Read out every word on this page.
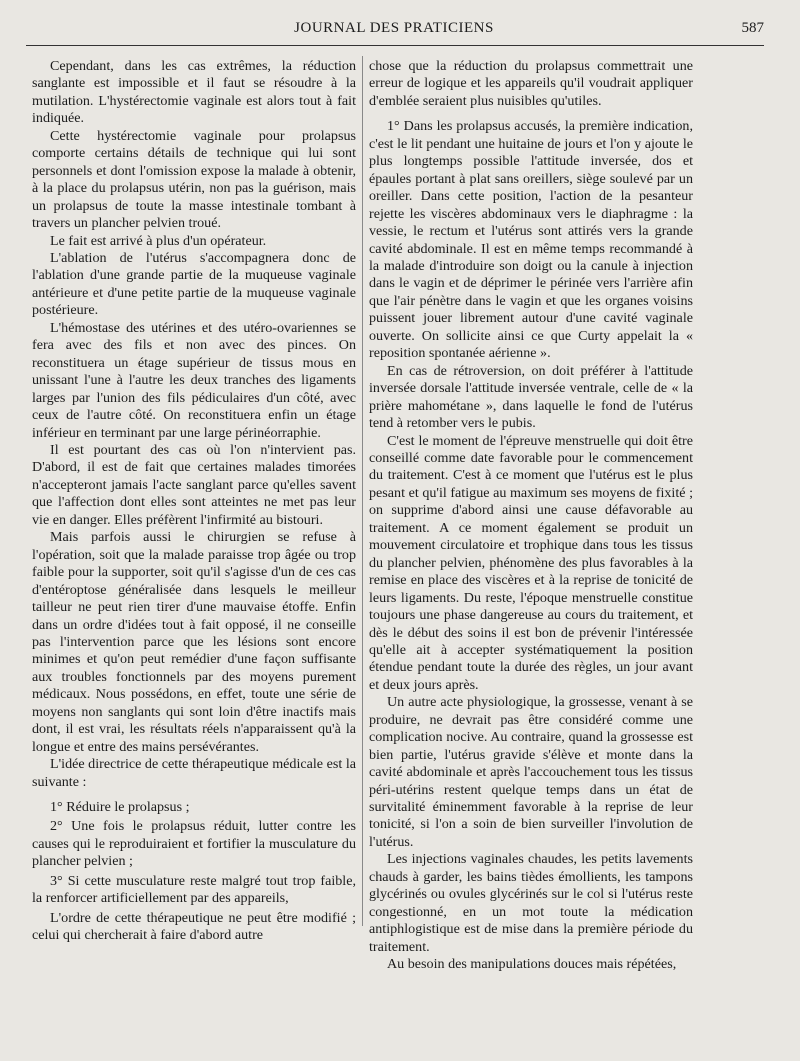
JOURNAL DES PRATICIENS	587

Cependant, dans les cas extrêmes, la réduction sanglante est impossible et il faut se résoudre à la mutilation. L'hystérectomie vaginale est alors tout à fait indiquée.

Cette hystérectomie vaginale pour prolapsus comporte certains détails de technique qui lui sont personnels et dont l'omission expose la malade à obtenir, à la place du prolapsus utérin, non pas la guérison, mais un prolapsus de toute la masse intestinale tombant à travers un plancher pelvien troué.

Le fait est arrivé à plus d'un opérateur.

L'ablation de l'utérus s'accompagnera donc de l'ablation d'une grande partie de la muqueuse vaginale antérieure et d'une petite partie de la muqueuse vaginale postérieure.

L'hémostase des utérines et des utéro-ovariennes se fera avec des fils et non avec des pinces. On reconstituera un étage supérieur de tissus mous en unissant l'une à l'autre les deux tranches des ligaments larges par l'union des fils pédiculaires d'un côté, avec ceux de l'autre côté. On reconstituera enfin un étage inférieur en terminant par une large périnéorraphie.

Il est pourtant des cas où l'on n'intervient pas. D'abord, il est de fait que certaines malades timorées n'accepteront jamais l'acte sanglant parce qu'elles savent que l'affection dont elles sont atteintes ne met pas leur vie en danger. Elles préfèrent l'infirmité au bistouri.

Mais parfois aussi le chirurgien se refuse à l'opération, soit que la malade paraisse trop âgée ou trop faible pour la supporter, soit qu'il s'agisse d'un de ces cas d'entéroptose généralisée dans lesquels le meilleur tailleur ne peut rien tirer d'une mauvaise étoffe. Enfin dans un ordre d'idées tout à fait opposé, il ne conseille pas l'intervention parce que les lésions sont encore minimes et qu'on peut remédier d'une façon suffisante aux troubles fonctionnels par des moyens purement médicaux. Nous possédons, en effet, toute une série de moyens non sanglants qui sont loin d'être inactifs mais dont, il est vrai, les résultats réels n'apparaissent qu'à la longue et entre des mains persévérantes.

L'idée directrice de cette thérapeutique médicale est la suivante :

1° Réduire le prolapsus ;

2° Une fois le prolapsus réduit, lutter contre les causes qui le reproduiraient et fortifier la musculature du plancher pelvien ;

3° Si cette musculature reste malgré tout trop faible, la renforcer artificiellement par des appareils,

L'ordre de cette thérapeutique ne peut être modifié ; celui qui chercherait à faire d'abord autre

chose que la réduction du prolapsus commettrait une erreur de logique et les appareils qu'il voudrait appliquer d'emblée seraient plus nuisibles qu'utiles.

1° Dans les prolapsus accusés, la première indication, c'est le lit pendant une huitaine de jours et l'on y ajoute le plus longtemps possible l'attitude inversée, dos et épaules portant à plat sans oreillers, siège soulevé par un oreiller. Dans cette position, l'action de la pesanteur rejette les viscères abdominaux vers le diaphragme : la vessie, le rectum et l'utérus sont attirés vers la grande cavité abdominale. Il est en même temps recommandé à la malade d'introduire son doigt ou la canule à injection dans le vagin et de déprimer le périnée vers l'arrière afin que l'air pénètre dans le vagin et que les organes voisins puissent jouer librement autour d'une cavité vaginale ouverte. On sollicite ainsi ce que Curty appelait la « reposition spontanée aérienne ».

En cas de rétroversion, on doit préférer à l'attitude inversée dorsale l'attitude inversée ventrale, celle de « la prière mahométane », dans laquelle le fond de l'utérus tend à retomber vers le pubis.

C'est le moment de l'épreuve menstruelle qui doit être conseillé comme date favorable pour le commencement du traitement. C'est à ce moment que l'utérus est le plus pesant et qu'il fatigue au maximum ses moyens de fixité ; on supprime d'abord ainsi une cause défavorable au traitement. A ce moment également se produit un mouvement circulatoire et trophique dans tous les tissus du plancher pelvien, phénomène des plus favorables à la remise en place des viscères et à la reprise de tonicité de leurs ligaments. Du reste, l'époque menstruelle constitue toujours une phase dangereuse au cours du traitement, et dès le début des soins il est bon de prévenir l'intéressée qu'elle ait à accepter systématiquement la position étendue pendant toute la durée des règles, un jour avant et deux jours après.

Un autre acte physiologique, la grossesse, venant à se produire, ne devrait pas être considéré comme une complication nocive. Au contraire, quand la grossesse est bien partie, l'utérus gravide s'élève et monte dans la cavité abdominale et après l'accouchement tous les tissus péri-utérins restent quelque temps dans un état de survitalité éminemment favorable à la reprise de leur tonicité, si l'on a soin de bien surveiller l'involution de l'utérus.

Les injections vaginales chaudes, les petits lavements chauds à garder, les bains tièdes émollients, les tampons glycérinés ou ovules glycérinés sur le col si l'utérus reste congestionné, en un mot toute la médication antiphlogistique est de mise dans la première période du traitement.

Au besoin des manipulations douces mais répétées,
